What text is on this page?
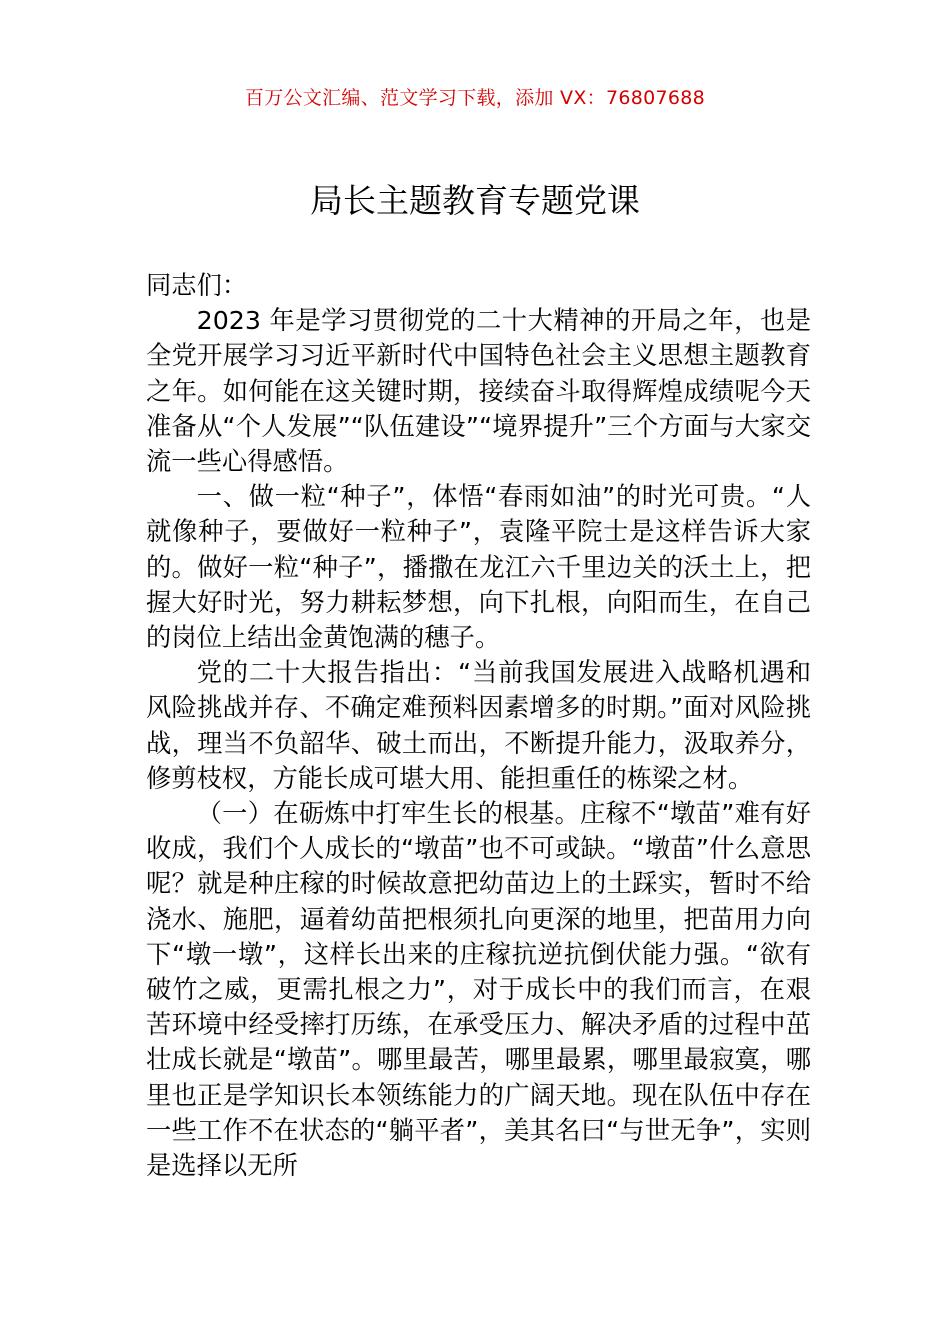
百万公文汇编、范文学习下载，添加 VX：76807688
局长主题教育专题党课

同志们：

2023 年是学习贯彻党的二十大精神的开局之年，也是全党开展学习习近平新时代中国特色社会主义思想主题教育之年。如何能在这关键时期，接续奋斗取得辉煌成绩呢今天准备从“个人发展”“队伍建设”“境界提升”三个方面与大家交流一些心得感悟。

一、做一粒“种子”，体悟“春雨如油”的时光可贵。“人就像种子，要做好一粒种子”，袁隆平院士是这样告诉大家的。做好一粒“种子”，播撒在龙江六千里边关的沃土上，把握大好时光，努力耕耘梦想，向下扎根，向阳而生，在自己的岗位上结出金黄饱满的穗子。

党的二十大报告指出：“当前我国发展进入战略机遇和风险挑战并存、不确定难预料因素增多的时期。”面对风险挑战，理当不负韶华、破土而出，不断提升能力，汲取养分，修剪枝杈，方能长成可堪大用、能担重任的栋梁之材。

（一）在砺炼中打牢生长的根基。庄稼不“墩苗”难有好收成，我们个人成长的“墩苗”也不可或缺。“墩苗”什么意思呢？就是种庄稼的时候故意把幼苗边上的土踩实，暂时不给浇水、施肥，逼着幼苗把根须扎向更深的地里，把苗用力向下“墩一墩”，这样长出来的庄稼抗逆抗倒伏能力强。“欲有破竹之威，更需扎根之力”，对于成长中的我们而言，在艰苦环境中经受摔打历练，在承受压力、解决矛盾的过程中茁壮成长就是“墩苗”。哪里最苦，哪里最累，哪里最寂寞，哪里也正是学知识长本领练能力的广阔天地。现在队伍中存在一些工作不在状态的“躺平者”，美其名曰“与世无争”，实则是选择以无所
